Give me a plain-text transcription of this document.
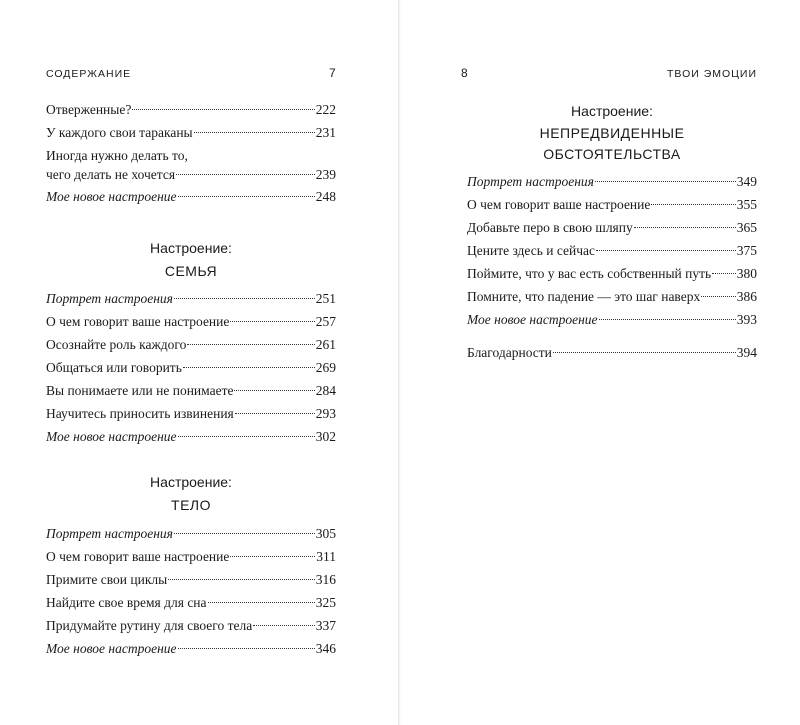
СОДЕРЖАНИЕ	7
Отверженные?	222
У каждого свои тараканы	231
Иногда нужно делать то,
чего делать не хочется	239
Мое новое настроение	248
Настроение:
СЕМЬЯ
Портрет настроения	251
О чем говорит ваше настроение	257
Осознайте роль каждого	261
Общаться или говорить	269
Вы понимаете или не понимаете	284
Научитесь приносить извинения	293
Мое новое настроение	302
Настроение:
ТЕЛО
Портрет настроения	305
О чем говорит ваше настроение	311
Примите свои циклы	316
Найдите свое время для сна	325
Придумайте рутину для своего тела	337
Мое новое настроение	346
8	ТВОИ ЭМОЦИИ
Настроение:
НЕПРЕДВИДЕННЫЕ
ОБСТОЯТЕЛЬСТВА
Портрет настроения	349
О чем говорит ваше настроение	355
Добавьте перо в свою шляпу	365
Цените здесь и сейчас	375
Поймите, что у вас есть собственный путь 380
Помните, что падение — это шаг наверх	386
Мое новое настроение	393
Благодарности	394
